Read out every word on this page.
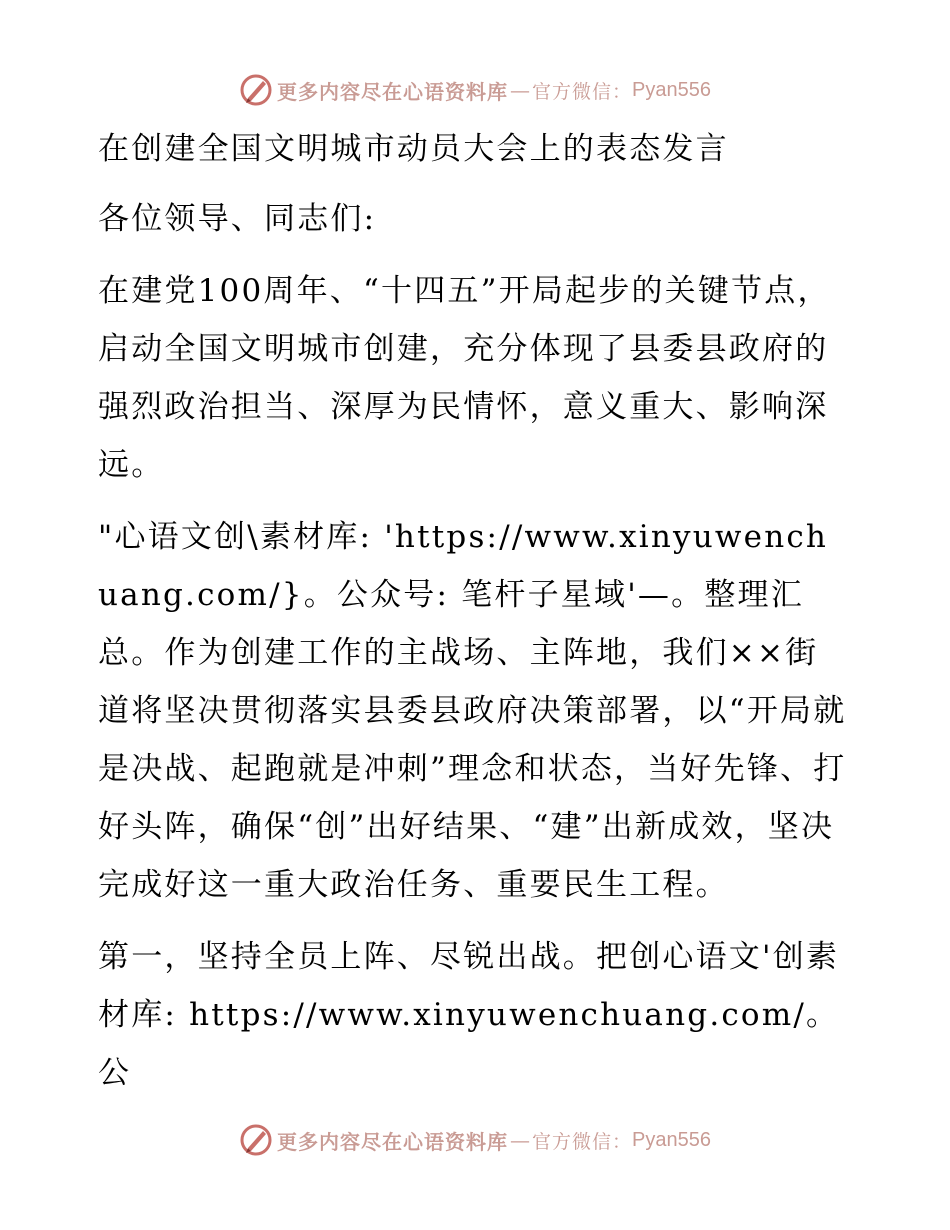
更多内容尽在心语资料库 — 官方微信： Pyan556

在创建全国文明城市动员大会上的表态发言

各位领导、同志们:

在建党100周年、“十四五”开局起步的关键节点，启动全国文明城市创建，充分体现了县委县政府的强烈政治担当、深厚为民情怀，意义重大、影响深远。

"心语文创\素材库: 'https://www.xinyuwenchuang.com/}。公众号: 笔杆子星域'—。整理汇总。作为创建工作的主战场、主阵地，我们××街道将坚决贯彻落实县委县政府决策部署，以“开局就是决战、起跑就是冲刺”理念和状态，当好先锋、打好头阵，确保“创”出好结果、“建”出新成效，坚决完成好这一重大政治任务、重要民生工程。

第一，坚持全员上阵、尽锐出战。把创心语文'创素材库: https://www.xinyuwenchuang.com/。公

更多内容尽在心语资料库 — 官方微信： Pyan556
